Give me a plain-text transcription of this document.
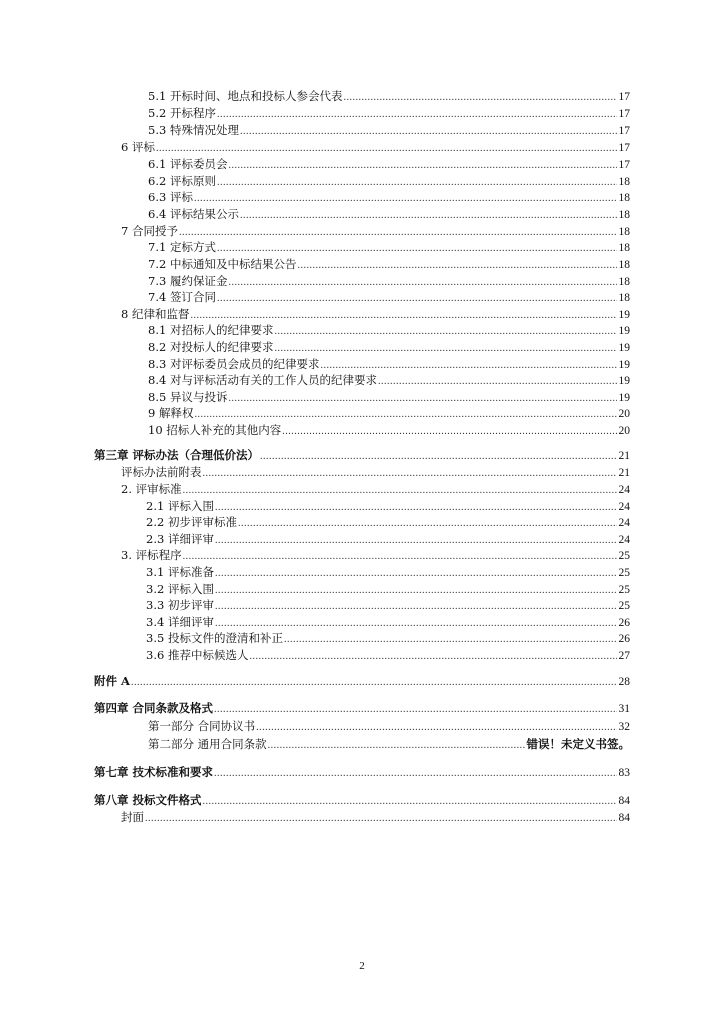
5.1 开标时间、地点和投标人参会代表 .....	17
5.2 开标程序 .....	17
5.3 特殊情况处理 .....	17
6 评标 .....	17
6.1 评标委员会 .....	17
6.2 评标原则 .....	18
6.3 评标 .....	18
6.4 评标结果公示 .....	18
7 合同授予 .....	18
7.1 定标方式 .....	18
7.2 中标通知及中标结果公告 .....	18
7.3 履约保证金 .....	18
7.4 签订合同 .....	18
8 纪律和监督 .....	19
8.1 对招标人的纪律要求 .....	19
8.2 对投标人的纪律要求 .....	19
8.3 对评标委员会成员的纪律要求 .....	19
8.4 对与评标活动有关的工作人员的纪律要求 .....	19
8.5 异议与投诉 .....	19
9 解释权 .....	20
10 招标人补充的其他内容 .....	20
第三章 评标办法（合理低价法） .....	21
评标办法前附表 .....	21
2. 评审标准 .....	24
2.1 评标入围 .....	24
2.2 初步评审标准 .....	24
2.3 详细评审 .....	24
3. 评标程序 .....	25
3.1 评标准备 .....	25
3.2 评标入围 .....	25
3.3 初步评审 .....	25
3.4 详细评审 .....	26
3.5 投标文件的澄清和补正 .....	26
3.6 推荐中标候选人 .....	27
附件 A .....	28
第四章 合同条款及格式 .....	31
第一部分 合同协议书 .....	32
第二部分 通用合同条款 .....	错误！未定义书签。
第七章 技术标准和要求 .....	83
第八章 投标文件格式 .....	84
封面 .....	84
2
